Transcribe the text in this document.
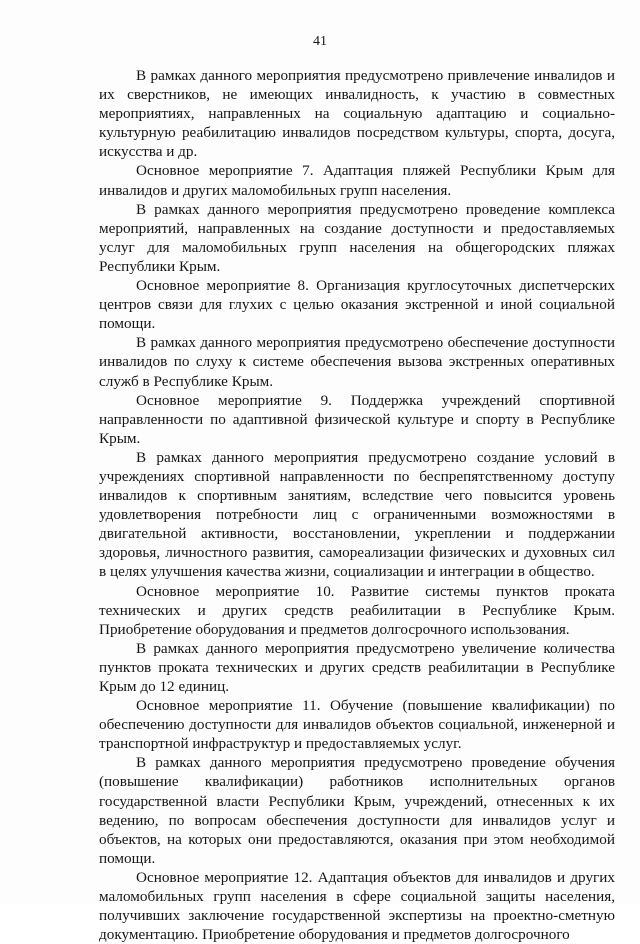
41

В рамках данного мероприятия предусмотрено привлечение инвалидов и их сверстников, не имеющих инвалидность, к участию в совместных мероприятиях, направленных на социальную адаптацию и социально-культурную реабилитацию инвалидов посредством культуры, спорта, досуга, искусства и др.

Основное мероприятие 7. Адаптация пляжей Республики Крым для инвалидов и других маломобильных групп населения.

В рамках данного мероприятия предусмотрено проведение комплекса мероприятий, направленных на создание доступности и предоставляемых услуг для маломобильных групп населения на общегородских пляжах Республики Крым.

Основное мероприятие 8. Организация круглосуточных диспетчерских центров связи для глухих с целью оказания экстренной и иной социальной помощи.

В рамках данного мероприятия предусмотрено обеспечение доступности инвалидов по слуху к системе обеспечения вызова экстренных оперативных служб в Республике Крым.

Основное мероприятие 9. Поддержка учреждений спортивной направленности по адаптивной физической культуре и спорту в Республике Крым.

В рамках данного мероприятия предусмотрено создание условий в учреждениях спортивной направленности по беспрепятственному доступу инвалидов к спортивным занятиям, вследствие чего повысится уровень удовлетворения потребности лиц с ограниченными возможностями в двигательной активности, восстановлении, укреплении и поддержании здоровья, личностного развития, самореализации физических и духовных сил в целях улучшения качества жизни, социализации и интеграции в общество.

Основное мероприятие 10. Развитие системы пунктов проката технических и других средств реабилитации в Республике Крым. Приобретение оборудования и предметов долгосрочного использования.

В рамках данного мероприятия предусмотрено увеличение количества пунктов проката технических и других средств реабилитации в Республике Крым до 12 единиц.

Основное мероприятие 11. Обучение (повышение квалификации) по обеспечению доступности для инвалидов объектов социальной, инженерной и транспортной инфраструктур и предоставляемых услуг.

В рамках данного мероприятия предусмотрено проведение обучения (повышение квалификации) работников исполнительных органов государственной власти Республики Крым, учреждений, отнесенных к их ведению, по вопросам обеспечения доступности для инвалидов услуг и объектов, на которых они предоставляются, оказания при этом необходимой помощи.

Основное мероприятие 12. Адаптация объектов для инвалидов и других маломобильных групп населения в сфере социальной защиты населения, получивших заключение государственной экспертизы на проектно-сметную документацию. Приобретение оборудования и предметов долгосрочного
